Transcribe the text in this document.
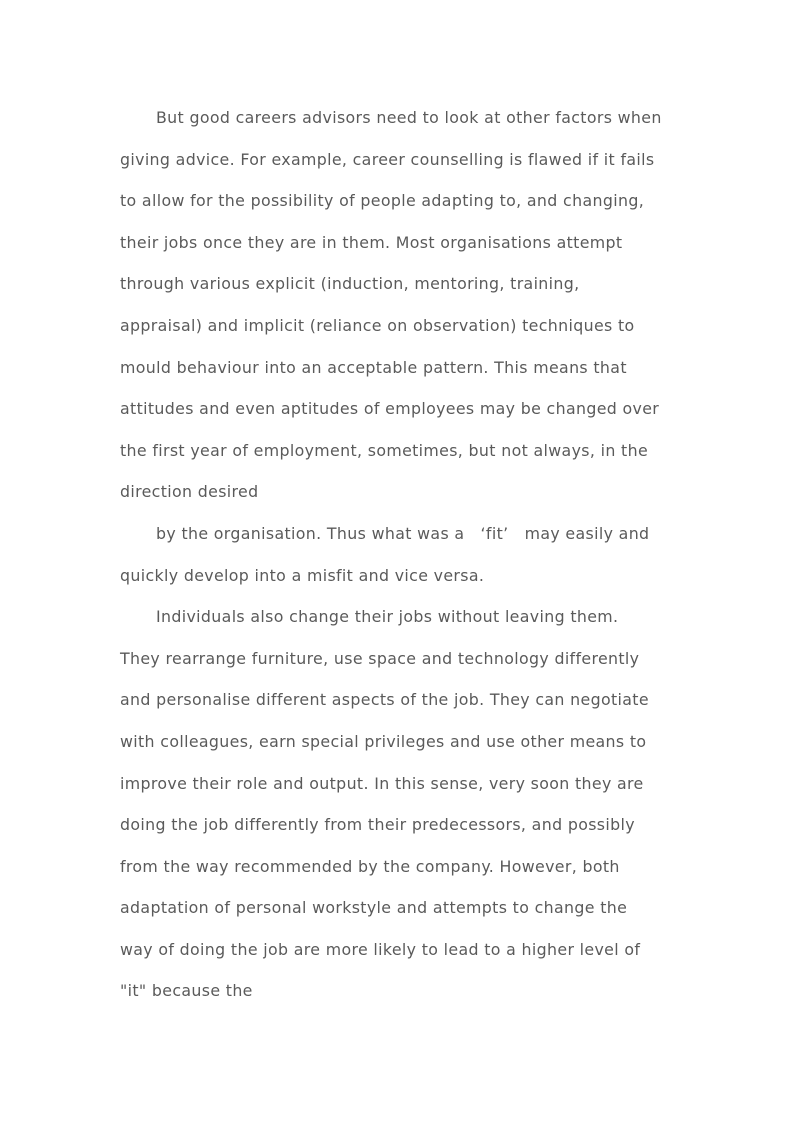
But good careers advisors need to look at other factors when
giving advice. For example, career counselling is flawed if it fails
to allow for the possibility of people adapting to, and changing,
their jobs once they are in them. Most organisations attempt
through various explicit (induction, mentoring, training,
appraisal) and implicit (reliance on observation) techniques to
mould behaviour into an acceptable pattern. This means that
attitudes and even aptitudes of employees may be changed over
the first year of employment, sometimes, but not always, in the
direction desired
by the organisation. Thus what was a   ‘fit’   may easily and
quickly develop into a misfit and vice versa.
Individuals also change their jobs without leaving them.
They rearrange furniture, use space and technology differently
and personalise different aspects of the job. They can negotiate
with colleagues, earn special privileges and use other means to
improve their role and output. In this sense, very soon they are
doing the job differently from their predecessors, and possibly
from the way recommended by the company. However, both
adaptation of personal workstyle and attempts to change the
way of doing the job are more likely to lead to a higher level of
"it" because the
